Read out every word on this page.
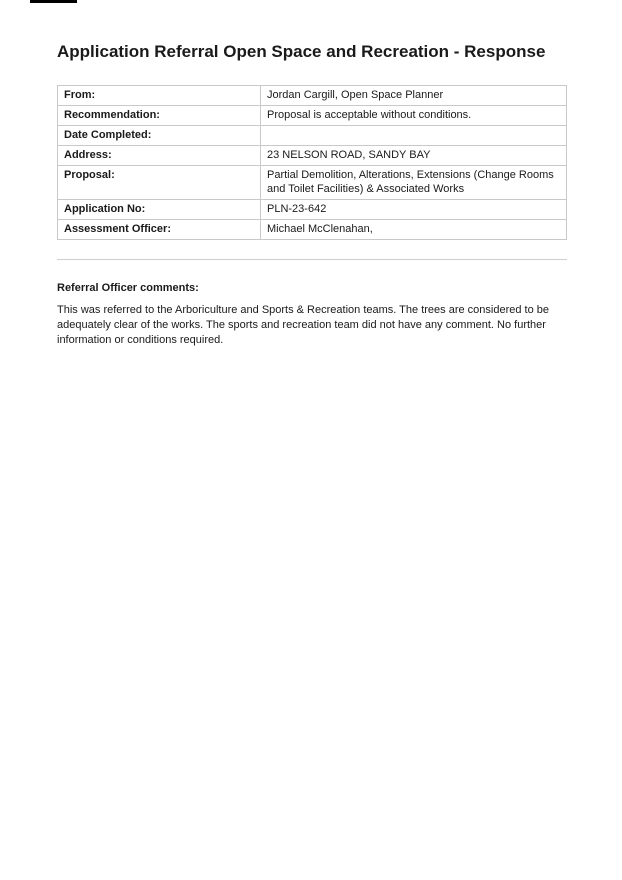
Application Referral Open Space and Recreation - Response
From:	Jordan Cargill, Open Space Planner
Recommendation:	Proposal is acceptable without conditions.
Date Completed:	
Address:	23 NELSON ROAD, SANDY BAY
Proposal:	Partial Demolition, Alterations, Extensions (Change Rooms and Toilet Facilities) & Associated Works
Application No:	PLN-23-642
Assessment Officer:	Michael McClenahan,

Referral Officer comments:

This was referred to the Arboriculture and Sports & Recreation teams. The trees are considered to be adequately clear of the works. The sports and recreation team did not have any comment. No further information or conditions required.
